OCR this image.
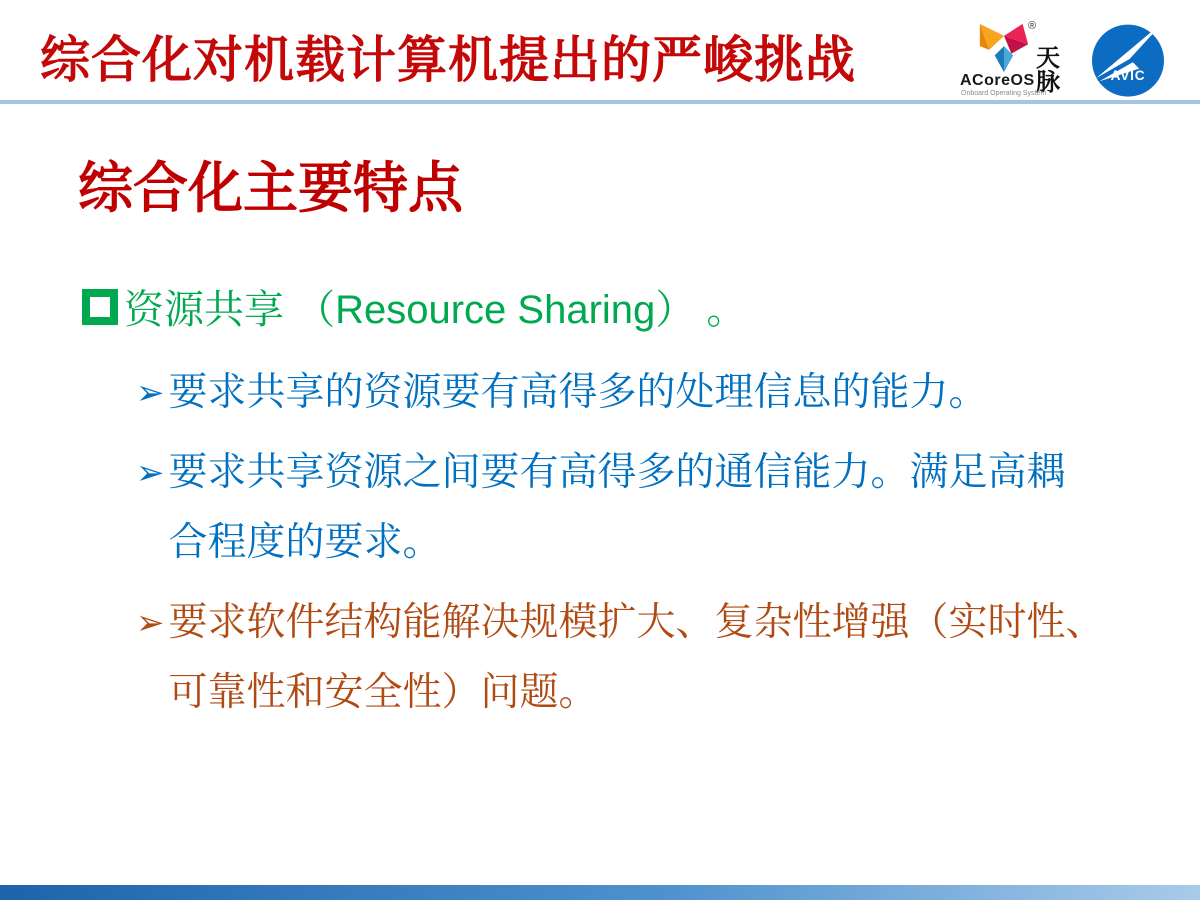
综合化对机载计算机提出的严峻挑战
®
天
脉
ACoreOS
Onboard Operating System
AVIC
综合化主要特点
资源共享 （Resource Sharing） 。
➢ 要求共享的资源要有高得多的处理信息的能力。
➢ 要求共享资源之间要有高得多的通信能力。满足高耦
合程度的要求。
➢ 要求软件结构能解决规模扩大、复杂性增强（实时性、
可靠性和安全性）问题。
